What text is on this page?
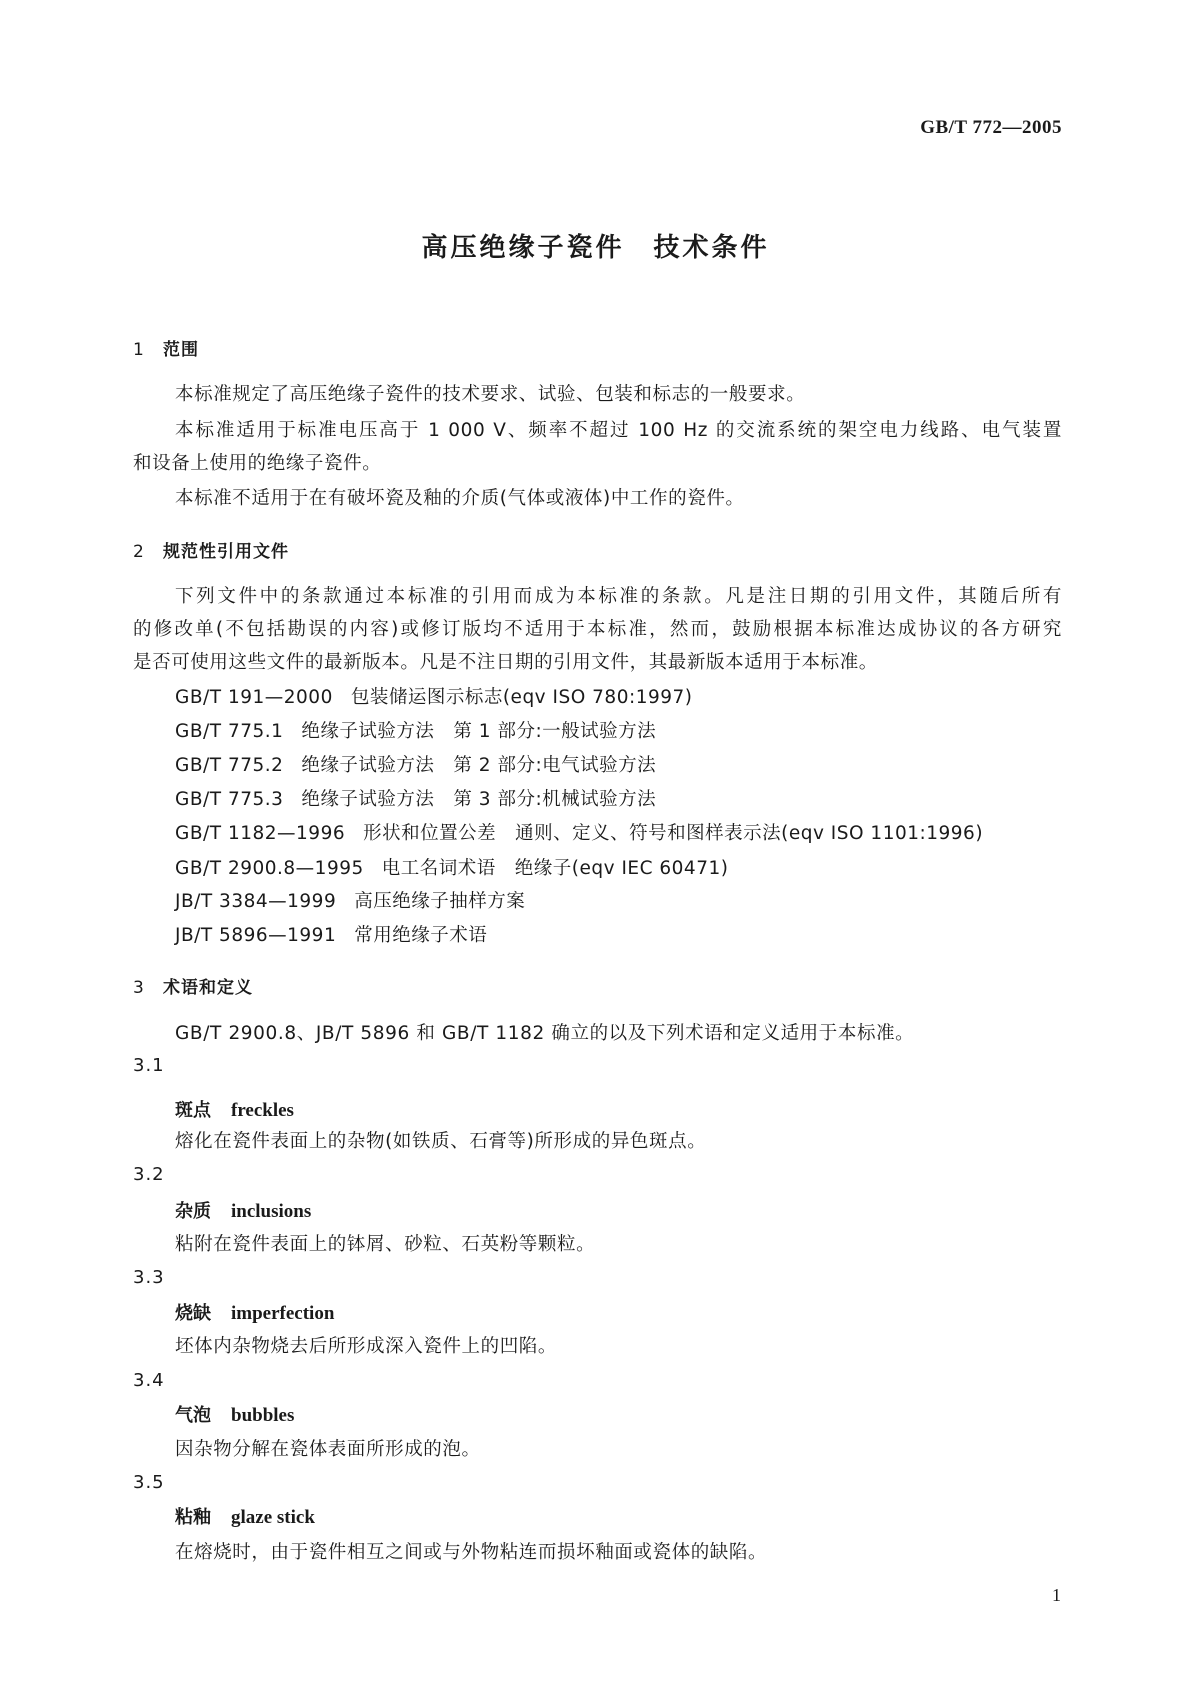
GB/T 772—2005
高压绝缘子瓷件　技术条件
1 范围
本标准规定了高压绝缘子瓷件的技术要求、试验、包装和标志的一般要求。
本标准适用于标准电压高于 1 000 V、频率不超过 100 Hz 的交流系统的架空电力线路、电气装置
和设备上使用的绝缘子瓷件。
本标准不适用于在有破坏瓷及釉的介质(气体或液体)中工作的瓷件。
2 规范性引用文件
下列文件中的条款通过本标准的引用而成为本标准的条款。凡是注日期的引用文件，其随后所有
的修改单(不包括勘误的内容)或修订版均不适用于本标准，然而，鼓励根据本标准达成协议的各方研究
是否可使用这些文件的最新版本。凡是不注日期的引用文件，其最新版本适用于本标准。
GB/T 191—2000 包装储运图示标志(eqv ISO 780:1997)
GB/T 775.1 绝缘子试验方法　第 1 部分:一般试验方法
GB/T 775.2 绝缘子试验方法　第 2 部分:电气试验方法
GB/T 775.3 绝缘子试验方法　第 3 部分:机械试验方法
GB/T 1182—1996 形状和位置公差　通则、定义、符号和图样表示法(eqv ISO 1101:1996)
GB/T 2900.8—1995 电工名词术语　绝缘子(eqv IEC 60471)
JB/T 3384—1999 高压绝缘子抽样方案
JB/T 5896—1991 常用绝缘子术语
3 术语和定义
GB/T 2900.8、JB/T 5896 和 GB/T 1182 确立的以及下列术语和定义适用于本标准。
3.1
斑点 freckles
熔化在瓷件表面上的杂物(如铁质、石膏等)所形成的异色斑点。
3.2
杂质 inclusions
粘附在瓷件表面上的钵屑、砂粒、石英粉等颗粒。
3.3
烧缺 imperfection
坯体内杂物烧去后所形成深入瓷件上的凹陷。
3.4
气泡 bubbles
因杂物分解在瓷体表面所形成的泡。
3.5
粘釉 glaze stick
在熔烧时，由于瓷件相互之间或与外物粘连而损坏釉面或瓷体的缺陷。
1
